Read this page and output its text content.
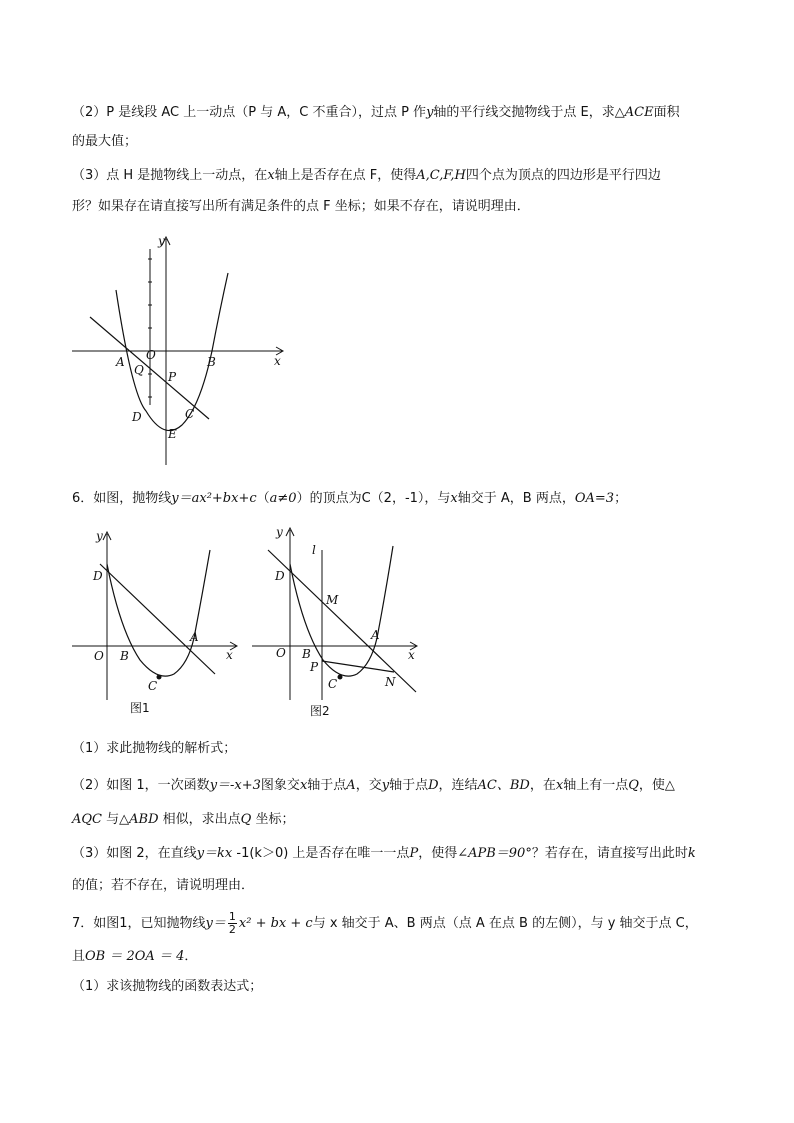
（2）P 是线段 AC 上一动点（P 与 A，C 不重合），过点 P 作y轴的平行线交抛物线于点 E，求△ACE面积
的最大值；
（3）点 H 是抛物线上一动点，在x轴上是否存在点 F，使得A,C,F,H四个点为顶点的四边形是平行四边
形？如果存在请直接写出所有满足条件的点 F 坐标；如果不存在，请说明理由．
y
x
A O	B
Q P
D	C
E
6．如图，抛物线y＝ax²+bx+c（a≠0）的顶点为C（2，-1），与x轴交于 A，B 两点，OA=3；
y
D
O B
A
C
x
图1
y
l
D
M
O B
A
P
C	N
x
图2
（1）求此抛物线的解析式；
（2）如图 1，一次函数y＝-x+3图象交x轴于点A，交y轴于点D，连结AC、BD，在x轴上有一点Q，使△
AQC 与△ABD 相似，求出点Q 坐标；
（3）如图 2，在直线y＝kx -1(k＞0) 上是否存在唯一一点P，使得∠APB＝90°？若存在，请直接写出此时k
的值；若不存在，请说明理由．
7．如图1，已知抛物线$y= \frac{1}{2} x^2$ + bx + c与 x 轴交于 A、B 两点（点 A 在点 B 的左侧），与 y 轴交于点 C，
且OB ＝ 2OA ＝ 4．
（1）求该抛物线的函数表达式；
